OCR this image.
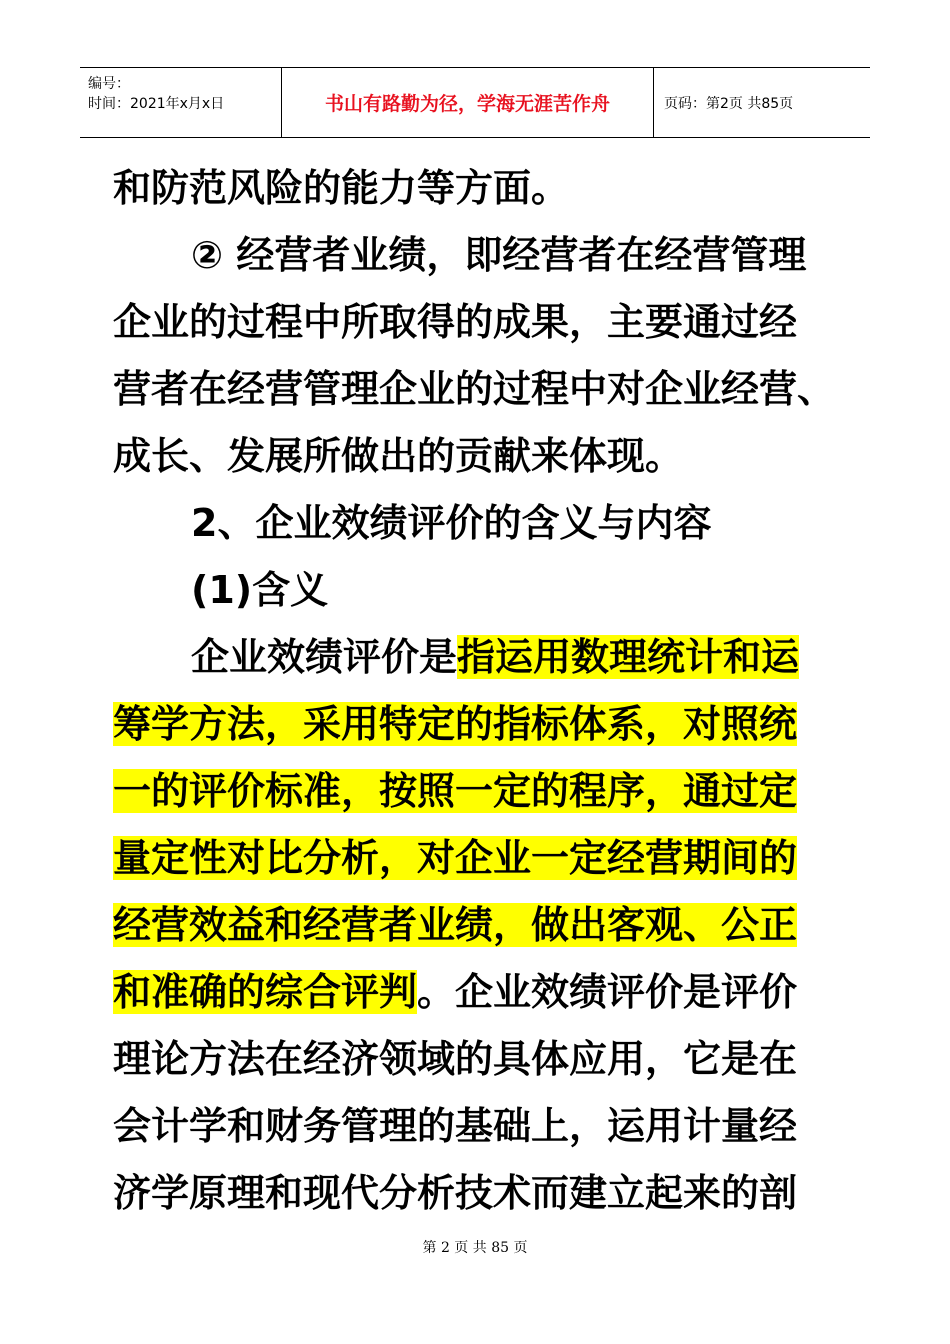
编号：
时间：2021年x月x日	书山有路勤为径，学海无涯苦作舟	页码：第2页 共85页
和防范风险的能力等方面。
② 经营者业绩，即经营者在经营管理
企业的过程中所取得的成果，主要通过经
营者在经营管理企业的过程中对企业经营、
成长、发展所做出的贡献来体现。
2、企业效绩评价的含义与内容
(1)含义
企业效绩评价是指运用数理统计和运
筹学方法，采用特定的指标体系，对照统
一的评价标准，按照一定的程序，通过定
量定性对比分析，对企业一定经营期间的
经营效益和经营者业绩，做出客观、公正
和准确的综合评判。企业效绩评价是评价
理论方法在经济领域的具体应用，它是在
会计学和财务管理的基础上，运用计量经
济学原理和现代分析技术而建立起来的剖
第 2 页 共 85 页
